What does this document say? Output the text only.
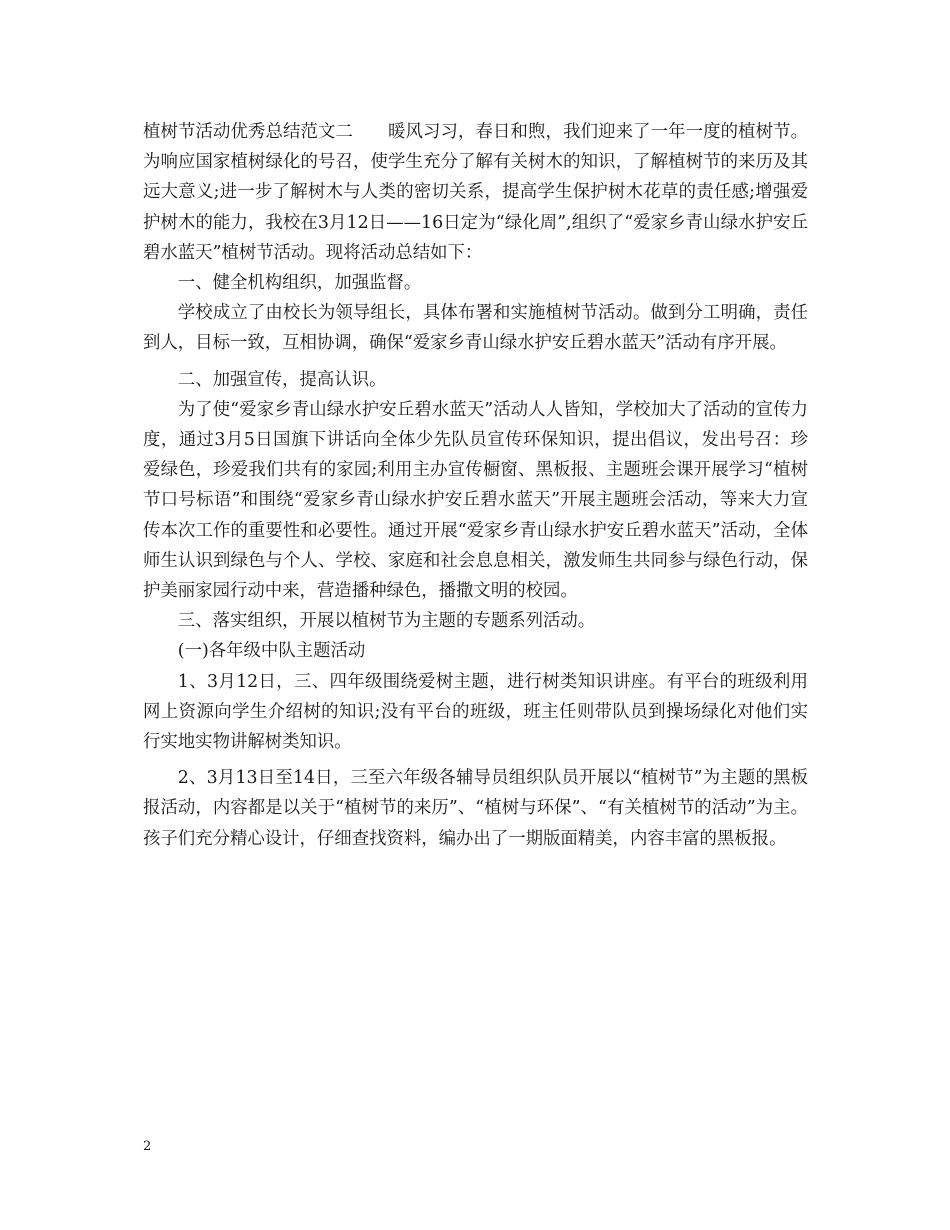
植树节活动优秀总结范文二　　暖风习习，春日和煦，我们迎来了一年一度的植树节。为响应国家植树绿化的号召，使学生充分了解有关树木的知识，了解植树节的来历及其远大意义;进一步了解树木与人类的密切关系，提高学生保护树木花草的责任感;增强爱护树木的能力，我校在3月12日——16日定为“绿化周”,组织了“爱家乡青山绿水护安丘碧水蓝天”植树节活动。现将活动总结如下：

一、健全机构组织，加强监督。

学校成立了由校长为领导组长，具体布署和实施植树节活动。做到分工明确，责任到人，目标一致，互相协调，确保“爱家乡青山绿水护安丘碧水蓝天”活动有序开展。

二、加强宣传，提高认识。

为了使“爱家乡青山绿水护安丘碧水蓝天”活动人人皆知，学校加大了活动的宣传力度，通过3月5日国旗下讲话向全体少先队员宣传环保知识，提出倡议，发出号召：珍爱绿色，珍爱我们共有的家园;利用主办宣传橱窗、黑板报、主题班会课开展学习“植树节口号标语”和围绕“爱家乡青山绿水护安丘碧水蓝天”开展主题班会活动，等来大力宣传本次工作的重要性和必要性。通过开展“爱家乡青山绿水护安丘碧水蓝天”活动，全体师生认识到绿色与个人、学校、家庭和社会息息相关，激发师生共同参与绿色行动，保护美丽家园行动中来，营造播种绿色，播撒文明的校园。

三、落实组织，开展以植树节为主题的专题系列活动。

(一)各年级中队主题活动

1、3月12日，三、四年级围绕爱树主题，进行树类知识讲座。有平台的班级利用网上资源向学生介绍树的知识;没有平台的班级，班主任则带队员到操场绿化对他们实行实地实物讲解树类知识。

2、3月13日至14日，三至六年级各辅导员组织队员开展以“植树节”为主题的黑板报活动，内容都是以关于“植树节的来历”、“植树与环保”、“有关植树节的活动”为主。孩子们充分精心设计，仔细查找资料，编办出了一期版面精美，内容丰富的黑板报。

2
